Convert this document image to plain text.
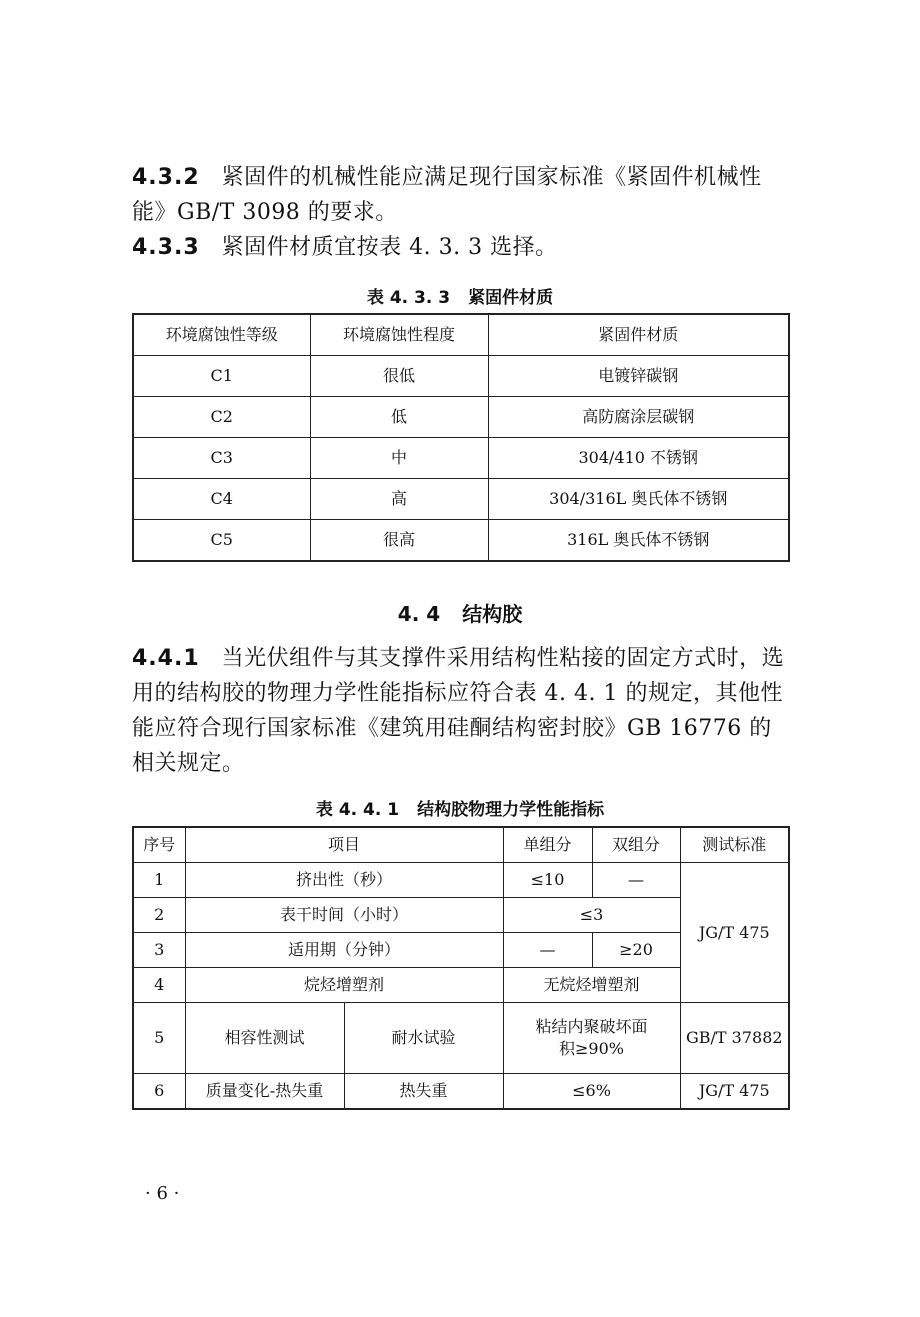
4.3.2 紧固件的机械性能应满足现行国家标准《紧固件机械性能》GB/T 3098 的要求。

4.3.3 紧固件材质宜按表 4. 3. 3 选择。

表 4. 3. 3 紧固件材质
环境腐蚀性等级	环境腐蚀性程度	紧固件材质
C1	很低	电镀锌碳钢
C2	低	高防腐涂层碳钢
C3	中	304/410 不锈钢
C4	高	304/316L 奥氏体不锈钢
C5	很高	316L 奥氏体不锈钢
4. 4 结构胶

4.4.1 当光伏组件与其支撑件采用结构性粘接的固定方式时，选用的结构胶的物理力学性能指标应符合表 4. 4. 1 的规定，其他性能应符合现行国家标准《建筑用硅酮结构密封胶》GB 16776 的相关规定。

表 4. 4. 1 结构胶物理力学性能指标
序号	项目		单组分	双组分	测试标准
1	挤出性（秒）		≤10	—	JG/T 475
2	表干时间（小时）		≤3		
3	适用期（分钟）		—	≥20	
4	烷烃增塑剂		无烷烃增塑剂		
5	相容性测试	耐水试验	粘结内聚破坏面积≥90%		GB/T 37882
6	质量变化-热失重	热失重	≤6%		JG/T 475
· 6 ·
